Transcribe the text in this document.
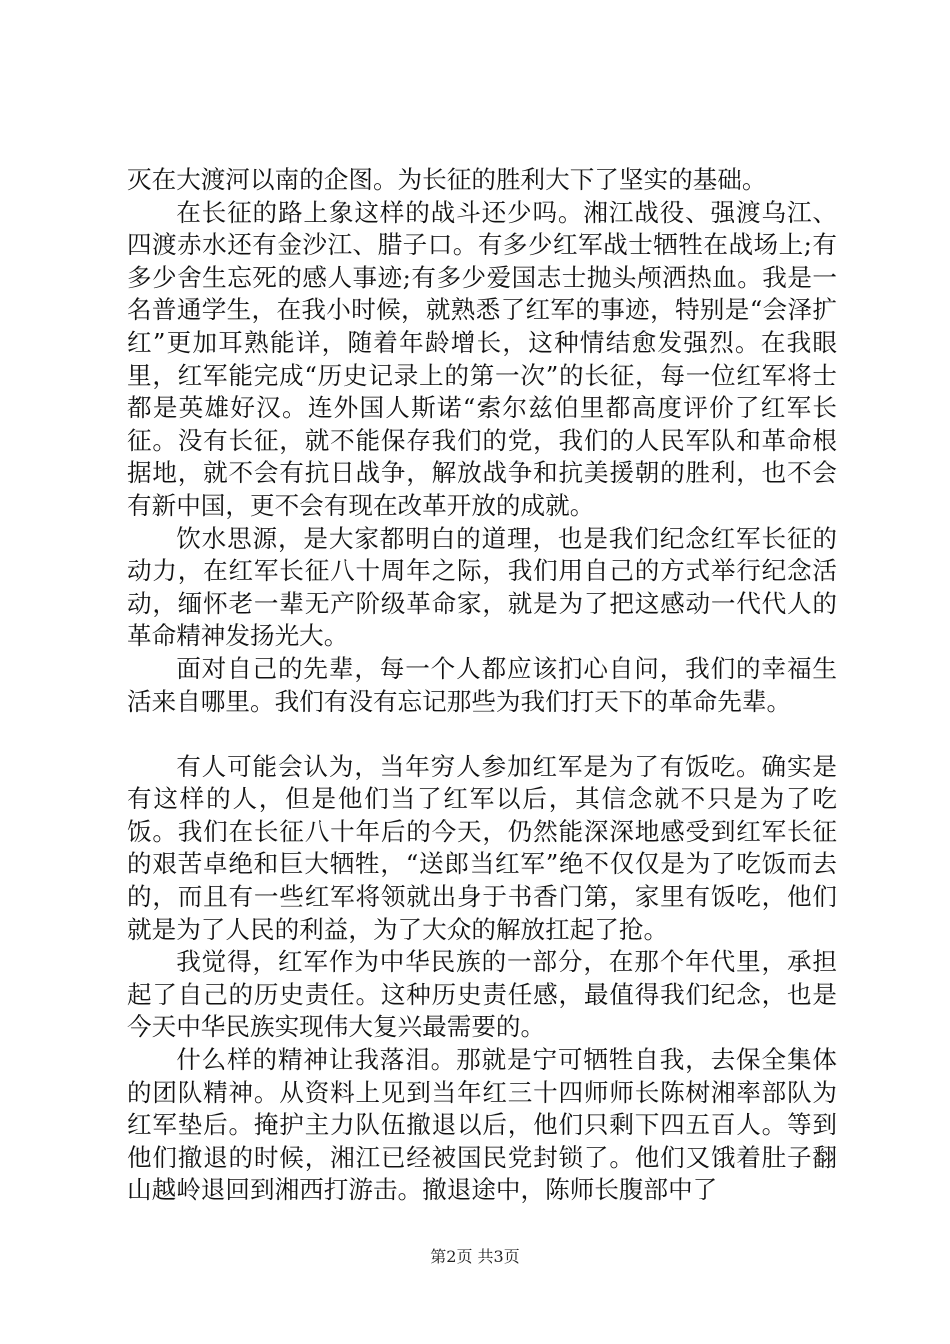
灭在大渡河以南的企图。为长征的胜利大下了坚实的基础。

在长征的路上象这样的战斗还少吗。湘江战役、强渡乌江、四渡赤水还有金沙江、腊子口。有多少红军战士牺牲在战场上;有多少舍生忘死的感人事迹;有多少爱国志士抛头颅洒热血。我是一名普通学生，在我小时候，就熟悉了红军的事迹，特别是“会泽扩红”更加耳熟能详，随着年龄增长，这种情结愈发强烈。在我眼里，红军能完成“历史记录上的第一次”的长征，每一位红军将士都是英雄好汉。连外国人斯诺“索尔兹伯里都高度评价了红军长征。没有长征，就不能保存我们的党，我们的人民军队和革命根据地，就不会有抗日战争，解放战争和抗美援朝的胜利，也不会有新中国，更不会有现在改革开放的成就。

饮水思源，是大家都明白的道理，也是我们纪念红军长征的动力，在红军长征八十周年之际，我们用自己的方式举行纪念活动，缅怀老一辈无产阶级革命家，就是为了把这感动一代代人的革命精神发扬光大。

面对自己的先辈，每一个人都应该扪心自问，我们的幸福生活来自哪里。我们有没有忘记那些为我们打天下的革命先辈。

有人可能会认为，当年穷人参加红军是为了有饭吃。确实是有这样的人，但是他们当了红军以后，其信念就不只是为了吃饭。我们在长征八十年后的今天，仍然能深深地感受到红军长征的艰苦卓绝和巨大牺牲，“送郎当红军”绝不仅仅是为了吃饭而去的，而且有一些红军将领就出身于书香门第，家里有饭吃，他们就是为了人民的利益，为了大众的解放扛起了抢。

我觉得，红军作为中华民族的一部分，在那个年代里，承担起了自己的历史责任。这种历史责任感，最值得我们纪念，也是今天中华民族实现伟大复兴最需要的。

什么样的精神让我落泪。那就是宁可牺牲自我，去保全集体的团队精神。从资料上见到当年红三十四师师长陈树湘率部队为红军垫后。掩护主力队伍撤退以后，他们只剩下四五百人。等到他们撤退的时候，湘江已经被国民党封锁了。他们又饿着肚子翻山越岭退回到湘西打游击。撤退途中，陈师长腹部中了

第2页 共3页
